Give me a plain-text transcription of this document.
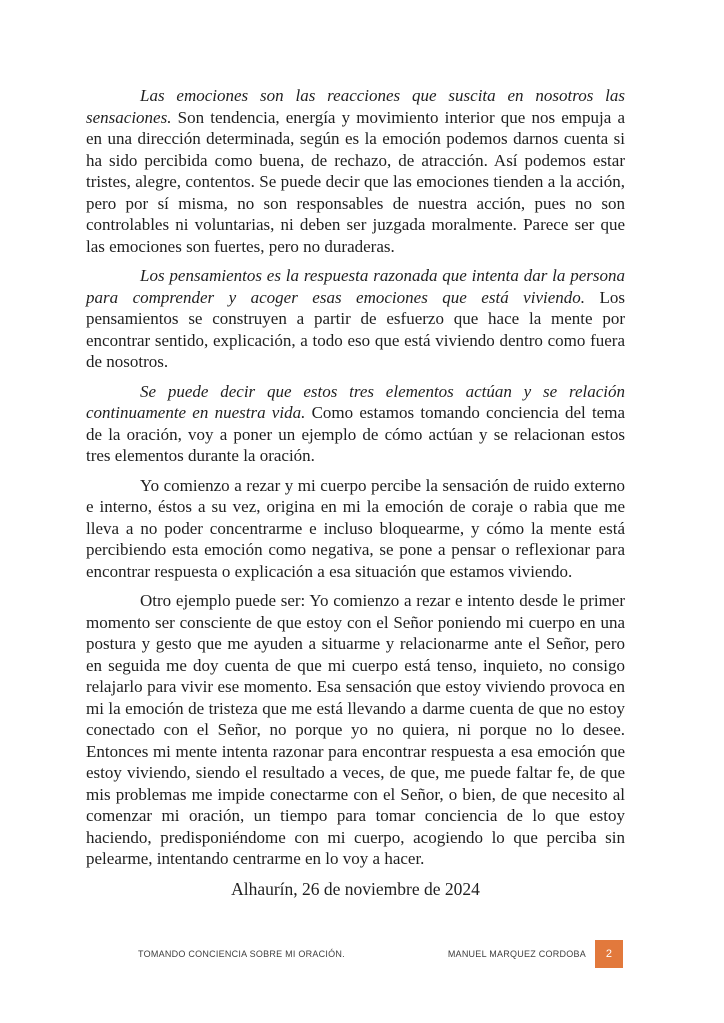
Las emociones son las reacciones que suscita en nosotros las sensaciones. Son tendencia, energía y movimiento interior que nos empuja a en una dirección determinada, según es la emoción podemos darnos cuenta si ha sido percibida como buena, de rechazo, de atracción. Así podemos estar tristes, alegre, contentos. Se puede decir que las emociones tienden a la acción, pero por sí misma, no son responsables de nuestra acción, pues no son controlables ni voluntarias, ni deben ser juzgada moralmente. Parece ser que las emociones son fuertes, pero no duraderas.

Los pensamientos es la respuesta razonada que intenta dar la persona para comprender y acoger esas emociones que está viviendo. Los pensamientos se construyen a partir de esfuerzo que hace la mente por encontrar sentido, explicación, a todo eso que está viviendo dentro como fuera de nosotros.

Se puede decir que estos tres elementos actúan y se relación continuamente en nuestra vida. Como estamos tomando conciencia del tema de la oración, voy a poner un ejemplo de cómo actúan y se relacionan estos tres elementos durante la oración.

Yo comienzo a rezar y mi cuerpo percibe la sensación de ruido externo e interno, éstos a su vez, origina en mi la emoción de coraje o rabia que me lleva a no poder concentrarme e incluso bloquearme, y cómo la mente está percibiendo esta emoción como negativa, se pone a pensar o reflexionar para encontrar respuesta o explicación a esa situación que estamos viviendo.

Otro ejemplo puede ser: Yo comienzo a rezar e intento desde le primer momento ser consciente de que estoy con el Señor poniendo mi cuerpo en una postura y gesto que me ayuden a situarme y relacionarme ante el Señor, pero en seguida me doy cuenta de que mi cuerpo está tenso, inquieto, no consigo relajarlo para vivir ese momento. Esa sensación que estoy viviendo provoca en mi la emoción de tristeza que me está llevando a darme cuenta de que no estoy conectado con el Señor, no porque yo no quiera, ni porque no lo desee. Entonces mi mente intenta razonar para encontrar respuesta a esa emoción que estoy viviendo, siendo el resultado a veces, de que, me puede faltar fe, de que mis problemas me impide conectarme con el Señor, o bien, de que necesito al comenzar mi oración, un tiempo para tomar conciencia de lo que estoy haciendo, predisponiéndome con mi cuerpo, acogiendo lo que perciba sin pelearme, intentando centrarme en lo voy a hacer.

Alhaurín, 26 de noviembre de 2024

TOMANDO CONCIENCIA SOBRE MI ORACIÓN.	MANUEL MARQUEZ CORDOBA	2
